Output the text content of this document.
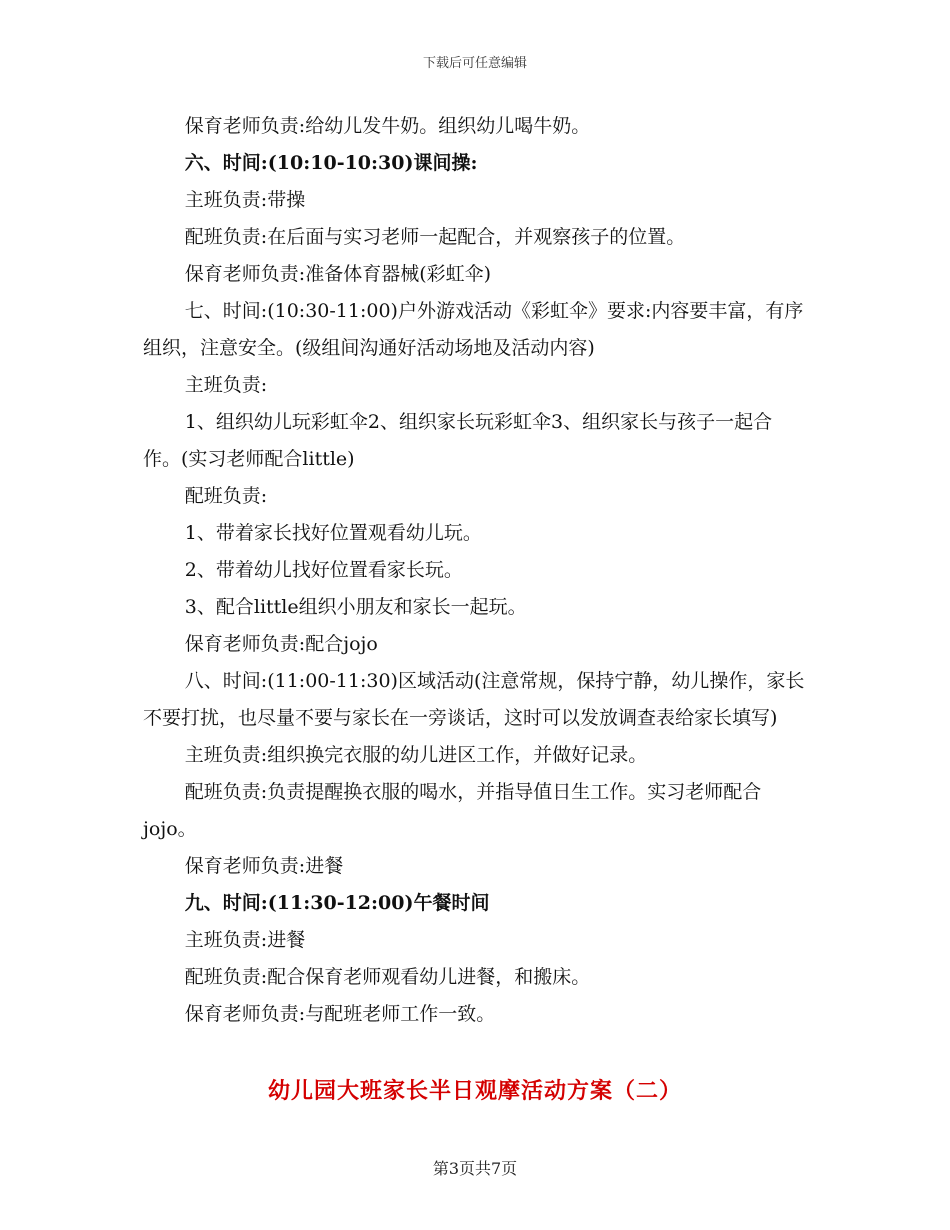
下载后可任意编辑

保育老师负责:给幼儿发牛奶。组织幼儿喝牛奶。

六、时间:(10:10-10:30)课间操:

主班负责:带操

配班负责:在后面与实习老师一起配合，并观察孩子的位置。

保育老师负责:准备体育器械(彩虹伞)

七、时间:(10:30-11:00)户外游戏活动《彩虹伞》要求:内容要丰富，有序组织，注意安全。(级组间沟通好活动场地及活动内容)

主班负责:

1、组织幼儿玩彩虹伞2、组织家长玩彩虹伞3、组织家长与孩子一起合作。(实习老师配合little)

配班负责:

1、带着家长找好位置观看幼儿玩。

2、带着幼儿找好位置看家长玩。

3、配合little组织小朋友和家长一起玩。

保育老师负责:配合jojo

八、时间:(11:00-11:30)区域活动(注意常规，保持宁静，幼儿操作，家长不要打扰，也尽量不要与家长在一旁谈话，这时可以发放调查表给家长填写)

主班负责:组织换完衣服的幼儿进区工作，并做好记录。

配班负责:负责提醒换衣服的喝水，并指导值日生工作。实习老师配合jojo。

保育老师负责:进餐

九、时间:(11:30-12:00)午餐时间

主班负责:进餐

配班负责:配合保育老师观看幼儿进餐，和搬床。

保育老师负责:与配班老师工作一致。

幼儿园大班家长半日观摩活动方案（二）
第3页共7页
